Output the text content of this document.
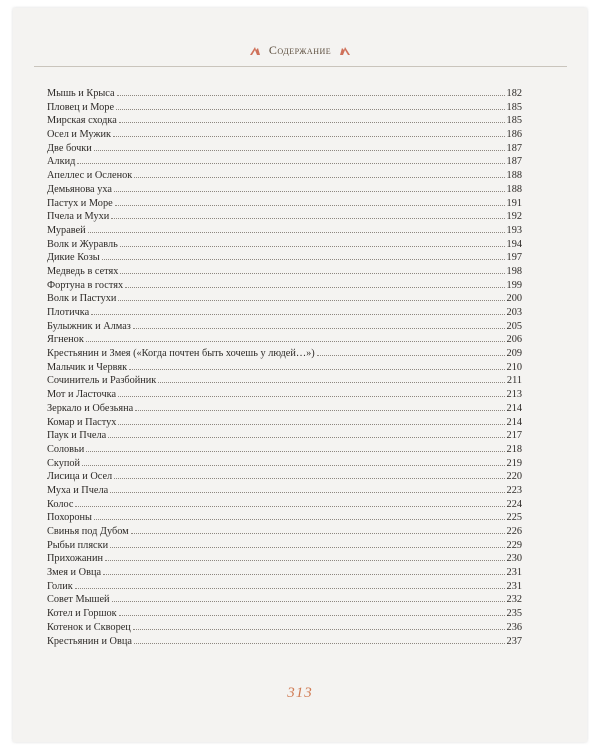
Содержание
Мышь и Крыса	182
Пловец и Море	185
Мирская сходка	185
Осел и Мужик	186
Две бочки	187
Алкид	187
Апеллес и Осленок	188
Демьянова уха	188
Пастух и Море	191
Пчела и Мухи	192
Муравей	193
Волк и Журавль	194
Дикие Козы	197
Медведь в сетях	198
Фортуна в гостях	199
Волк и Пастухи	200
Плотичка	203
Булыжник и Алмаз	205
Ягненок	206
Крестьянин и Змея («Когда почтен быть хочешь у людей…»)	209
Мальчик и Червяк	210
Сочинитель и Разбойник	211
Мот и Ласточка	213
Зеркало и Обезьяна	214
Комар и Пастух	214
Паук и Пчела	217
Соловьи	218
Скупой	219
Лисица и Осел	220
Муха и Пчела	223
Колос	224
Похороны	225
Свинья под Дубом	226
Рыбьи пляски	229
Прихожанин	230
Змея и Овца	231
Голик	231
Совет Мышей	232
Котел и Горшок	235
Котенок и Скворец	236
Крестьянин и Овца	237
313
